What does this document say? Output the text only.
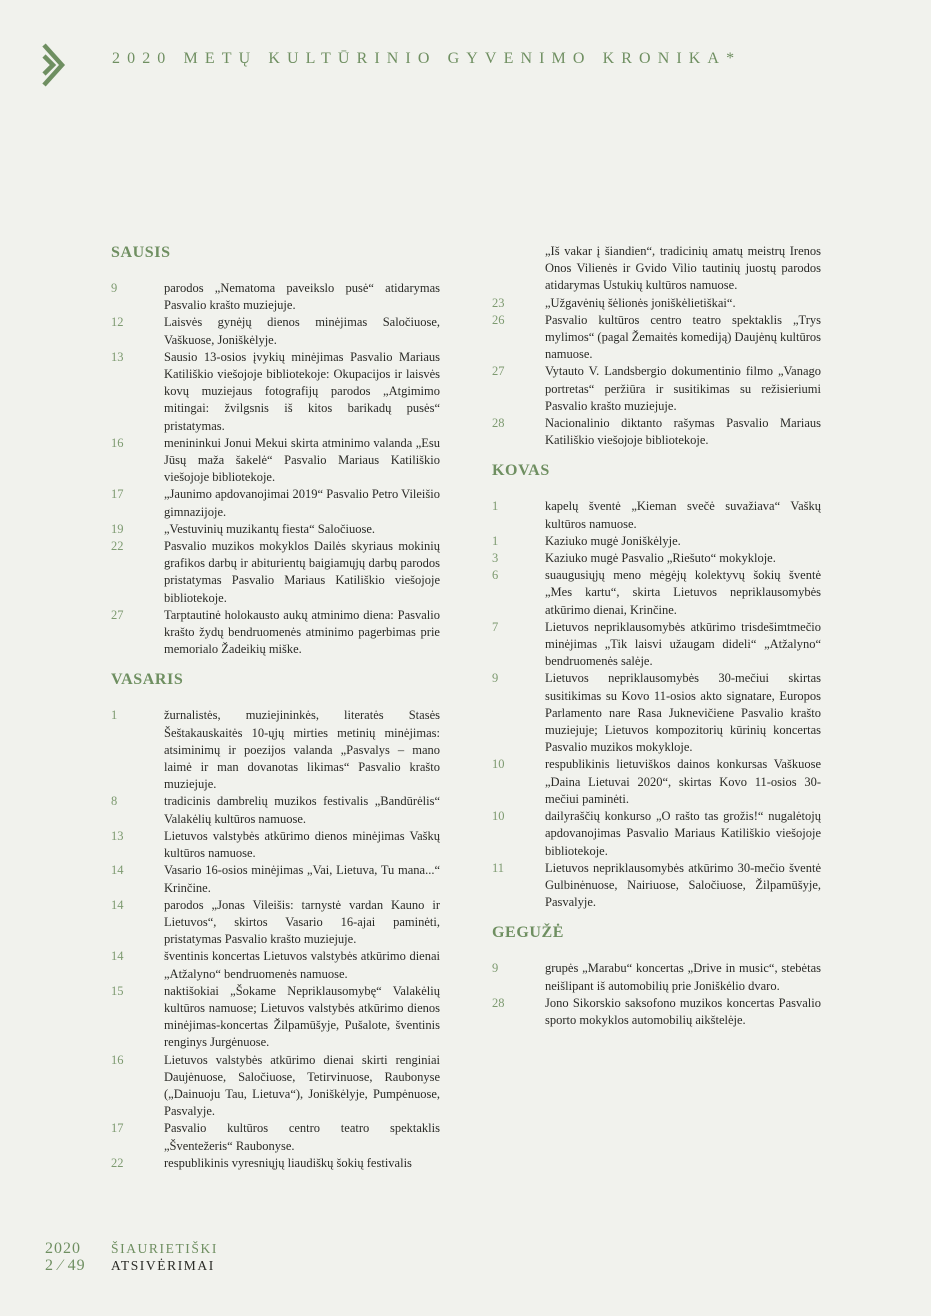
2020 METŲ KULTŪRINIO GYVENIMO KRONIKA*
SAUSIS
9	parodos „Nematoma paveikslo pusė“ atidarymas Pasvalio krašto muziejuje.
12	Laisvės gynėjų dienos minėjimas Saločiuose, Vaškuose, Joniškėlyje.
13	Sausio 13-osios įvykių minėjimas Pasvalio Mariaus Katiliškio viešojoje bibliotekoje: Okupacijos ir laisvės kovų muziejaus fotografijų parodos „Atgimimo mitingai: žvilgsnis iš kitos barikadų pusės“ pristatymas.
16	menininkui Jonui Mekui skirta atminimo valanda „Esu Jūsų maža šakelė“ Pasvalio Mariaus Katiliškio viešojoje bibliotekoje.
17	„Jaunimo apdovanojimai 2019“ Pasvalio Petro Vileišio gimnazijoje.
19	„Vestuvinių muzikantų fiesta“ Saločiuose.
22	Pasvalio muzikos mokyklos Dailės skyriaus mokinių grafikos darbų ir abiturientų baigiamųjų darbų parodos pristatymas Pasvalio Mariaus Katiliškio viešojoje bibliotekoje.
27	Tarptautinė holokausto aukų atminimo diena: Pasvalio krašto žydų bendruomenės atminimo pagerbimas prie memorialo Žadeikių miške.
VASARIS
1	žurnalistės, muziejininkės, literatės Stasės Šeštakauskaitės 10-ųjų mirties metinių minėjimas: atsiminimų ir poezijos valanda „Pasvalys – mano laimė ir man dovanotas likimas“ Pasvalio krašto muziejuje.
8	tradicinis dambrelių muzikos festivalis „Bandūrėlis“ Valakėlių kultūros namuose.
13	Lietuvos valstybės atkūrimo dienos minėjimas Vaškų kultūros namuose.
14	Vasario 16-osios minėjimas „Vai, Lietuva, Tu mana...“ Krinčine.
14	parodos „Jonas Vileišis: tarnystė vardan Kauno ir Lietuvos“, skirtos Vasario 16-ajai paminėti, pristatymas Pasvalio krašto muziejuje.
14	šventinis koncertas Lietuvos valstybės atkūrimo dienai „Atžalyno“ bendruomenės namuose.
15	naktišokiai „Šokame Nepriklausomybę“ Valakėlių kultūros namuose; Lietuvos valstybės atkūrimo dienos minėjimas-koncertas Žilpamūšyje, Pušalote, šventinis renginys Jurgėnuose.
16	Lietuvos valstybės atkūrimo dienai skirti renginiai Daujėnuose, Saločiuose, Tetirvinuose, Raubonyse („Dainuoju Tau, Lietuva“), Joniškėlyje, Pumpėnuose, Pasvalyje.
17	Pasvalio kultūros centro teatro spektaklis „Šventežeris“ Raubonyse.
22	respublikinis vyresniųjų liaudiškų šokių festivalis
„Iš vakar į šiandien“, tradicinių amatų meistrų Irenos Onos Vilienės ir Gvido Vilio tautinių juostų parodos atidarymas Ustukių kultūros namuose.
23	„Užgavėnių šėlionės joniškėlietiškai“.
26	Pasvalio kultūros centro teatro spektaklis „Trys mylimos“ (pagal Žemaitės komediją) Daujėnų kultūros namuose.
27	Vytauto V. Landsbergio dokumentinio filmo „Vanago portretas“ peržiūra ir susitikimas su režisieriumi Pasvalio krašto muziejuje.
28	Nacionalinio diktanto rašymas Pasvalio Mariaus Katiliškio viešojoje bibliotekoje.
KOVAS
1	kapelų šventė „Kieman svečė suvažiava“ Vaškų kultūros namuose.
1	Kaziuko mugė Joniškėlyje.
3	Kaziuko mugė Pasvalio „Riešuto“ mokykloje.
6	suaugusiųjų meno mėgėjų kolektyvų šokių šventė „Mes kartu“, skirta Lietuvos nepriklausomybės atkūrimo dienai, Krinčine.
7	Lietuvos nepriklausomybės atkūrimo trisdešimtmečio minėjimas „Tik laisvi užaugam dideli“ „Atžalyno“ bendruomenės salėje.
9	Lietuvos nepriklausomybės 30-mečiui skirtas susitikimas su Kovo 11-osios akto signatare, Europos Parlamento nare Rasa Juknevičiene Pasvalio krašto muziejuje; Lietuvos kompozitorių kūrinių koncertas Pasvalio muzikos mokykloje.
10	respublikinis lietuviškos dainos konkursas Vaškuose „Daina Lietuvai 2020“, skirtas Kovo 11-osios 30-mečiui paminėti.
10	dailyraščių konkurso „O rašto tas grožis!“ nugalėtojų apdovanojimas Pasvalio Mariaus Katiliškio viešojoje bibliotekoje.
11	Lietuvos nepriklausomybės atkūrimo 30-mečio šventė Gulbinėnuose, Nairiuose, Saločiuose, Žilpamūšyje, Pasvalyje.
GEGUŽĖ
9	grupės „Marabu“ koncertas „Drive in music“, stebėtas neišlipant iš automobilių prie Joniškėlio dvaro.
28	Jono Sikorskio saksofono muzikos koncertas Pasvalio sporto mokyklos automobilių aikštelėje.
2020
2 ⁄ 49
ŠIAURIETIŠKI
ATSIVĖRIMAI
